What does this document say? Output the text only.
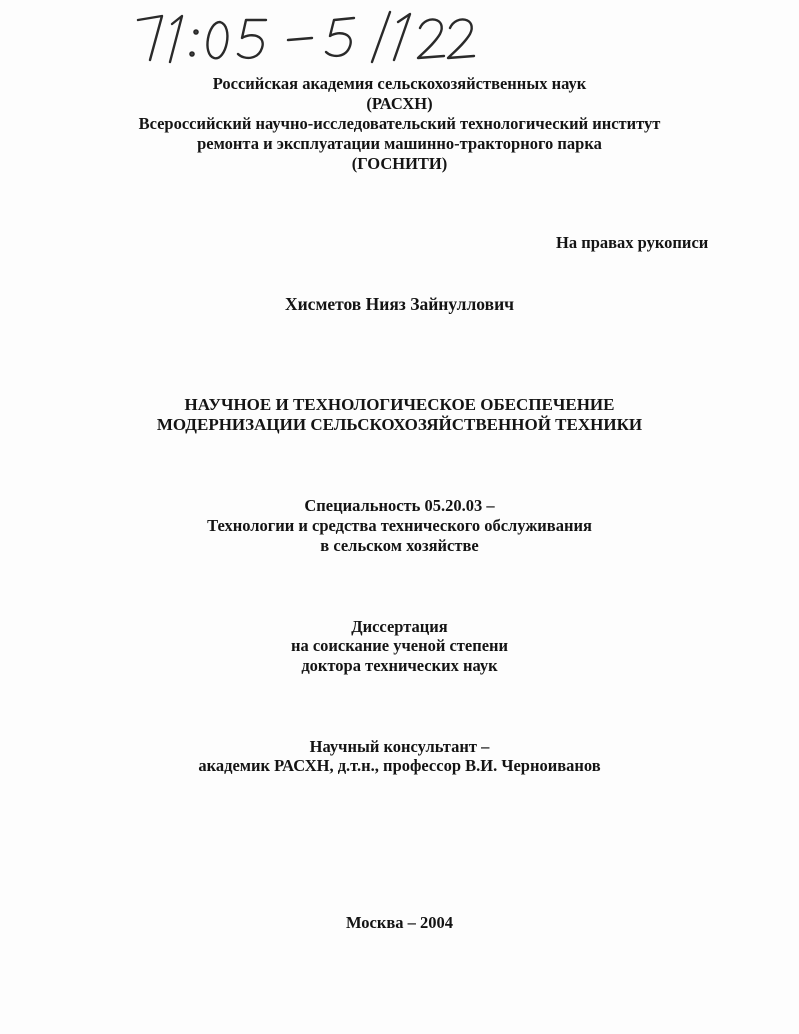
Российская академия сельскохозяйственных наук
(РАСХН)
Всероссийский научно-исследовательский технологический институт
ремонта и эксплуатации машинно-тракторного парка
(ГОСНИТИ)
На правах рукописи
Хисметов Нияз Зайнуллович
НАУЧНОЕ И ТЕХНОЛОГИЧЕСКОЕ ОБЕСПЕЧЕНИЕ
МОДЕРНИЗАЦИИ СЕЛЬСКОХОЗЯЙСТВЕННОЙ ТЕХНИКИ
Специальность 05.20.03 –
Технологии и средства технического обслуживания
в сельском хозяйстве
Диссертация
на соискание ученой степени
доктора технических наук
Научный консультант –
академик РАСХН, д.т.н., профессор В.И. Черноиванов
Москва – 2004
